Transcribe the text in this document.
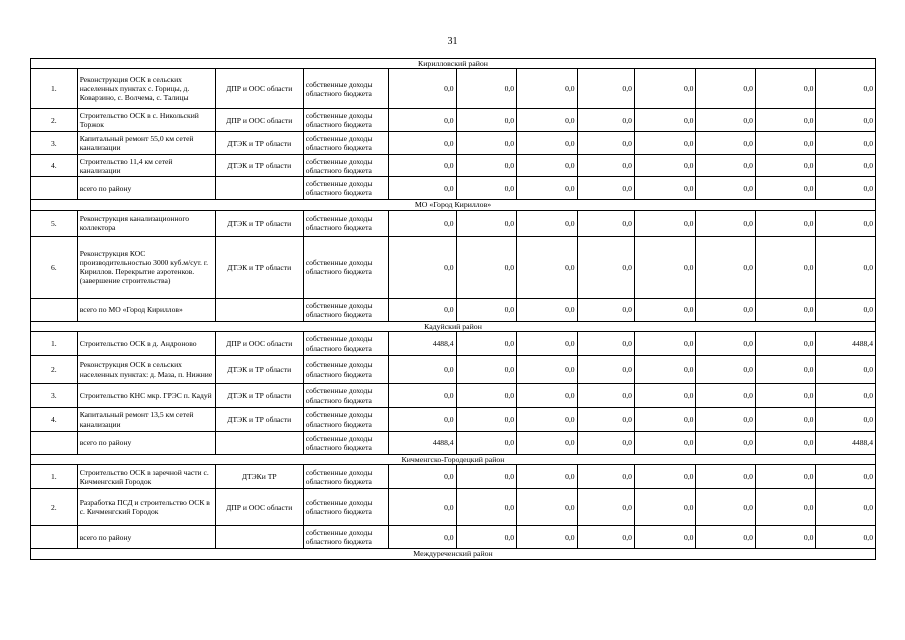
31
Кирилловский район											
1.	Реконструкция ОСК в сельских населенных пунктах с. Горицы, д. Коварзино, с. Волчема, с. Талицы	ДПР и ООС области	собственные доходы областного бюджета	0,0	0,0	0,0	0,0	0,0	0,0	0,0	0,0
2.	Строительство ОСК в с. Никольский Торжок	ДПР и ООС области	собственные доходы областного бюджета	0,0	0,0	0,0	0,0	0,0	0,0	0,0	0,0
3.	Капитальный ремонт 55,0 км сетей канализации	ДТЭК и ТР области	собственные доходы областного бюджета	0,0	0,0	0,0	0,0	0,0	0,0	0,0	0,0
4.	Строительство 11,4 км сетей канализации	ДТЭК и ТР области	собственные доходы областного бюджета	0,0	0,0	0,0	0,0	0,0	0,0	0,0	0,0
	всего по району		собственные доходы областного бюджета	0,0	0,0	0,0	0,0	0,0	0,0	0,0	0,0
МО «Город Кириллов»											
5.	Реконструкция канализационного коллектора	ДТЭК и ТР области	собственные доходы областного бюджета	0,0	0,0	0,0	0,0	0,0	0,0	0,0	0,0
6.	Реконструкция КОС производительностью 3000 куб.м/сут. г. Кириллов. Перекрытие аэротенков. (завершение строительства)	ДТЭК и ТР области	собственные доходы областного бюджета	0,0	0,0	0,0	0,0	0,0	0,0	0,0	0,0
	всего по МО «Город Кириллов»		собственные доходы областного бюджета	0,0	0,0	0,0	0,0	0,0	0,0	0,0	0,0
Кадуйский район											
1.	Строительство ОСК в д. Андроново	ДПР и ООС области	собственные доходы областного бюджета	4488,4	0,0	0,0	0,0	0,0	0,0	0,0	4488,4
2.	Реконструкция ОСК в сельских населенных пунктах: д. Маза, п. Нижние	ДТЭК и ТР области	собственные доходы областного бюджета	0,0	0,0	0,0	0,0	0,0	0,0	0,0	0,0
3.	Строительство КНС мкр. ГРЭС п. Кадуй	ДТЭК и ТР области	собственные доходы областного бюджета	0,0	0,0	0,0	0,0	0,0	0,0	0,0	0,0
4.	Капитальный ремонт 13,5 км сетей канализации	ДТЭК и ТР области	собственные доходы областного бюджета	0,0	0,0	0,0	0,0	0,0	0,0	0,0	0,0
	всего по району		собственные доходы областного бюджета	4488,4	0,0	0,0	0,0	0,0	0,0	0,0	4488,4
Кичменгско-Городецкий район											
1.	Строительство ОСК в заречной части с. Кичменгский Городок	ДТЭКи ТР	собственные доходы областного бюджета	0,0	0,0	0,0	0,0	0,0	0,0	0,0	0,0
2.	Разработка ПСД и строительство ОСК в с. Кичменгский Городок	ДПР и ООС области	собственные доходы областного бюджета	0,0	0,0	0,0	0,0	0,0	0,0	0,0	0,0
	всего по району		собственные доходы областного бюджета	0,0	0,0	0,0	0,0	0,0	0,0	0,0	0,0
Междуреченский район											
